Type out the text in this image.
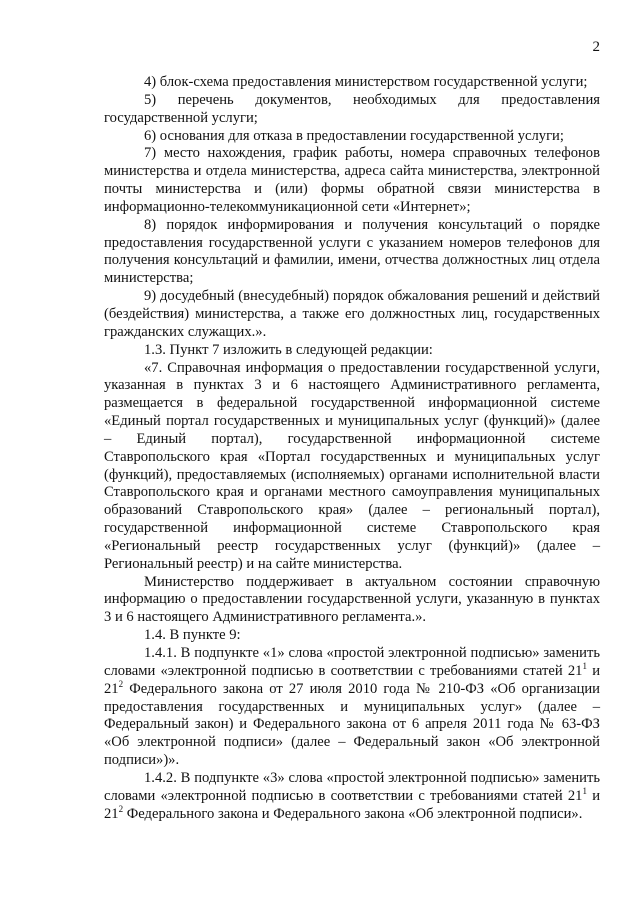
2

4) блок-схема предоставления министерством государственной услуги;

5) перечень документов, необходимых для предоставления государственной услуги;

6) основания для отказа в предоставлении государственной услуги;

7) место нахождения, график работы, номера справочных телефонов министерства и отдела министерства, адреса сайта министерства, электронной почты министерства и (или) формы обратной связи министерства в информационно-телекоммуникационной сети «Интернет»;

8) порядок информирования и получения консультаций о порядке предоставления государственной услуги с указанием номеров телефонов для получения консультаций и фамилии, имени, отчества должностных лиц отдела министерства;

9) досудебный (внесудебный) порядок обжалования решений и действий (бездействия) министерства, а также его должностных лиц, государственных гражданских служащих.».

1.3. Пункт 7 изложить в следующей редакции:

«7. Справочная информация о предоставлении государственной услуги, указанная в пунктах 3 и 6 настоящего Административного регламента, размещается в федеральной государственной информационной системе «Единый портал государственных и муниципальных услуг (функций)» (далее – Единый портал), государственной информационной системе Ставропольского края «Портал государственных и муниципальных услуг (функций), предоставляемых (исполняемых) органами исполнительной власти Ставропольского края и органами местного самоуправления муниципальных образований Ставропольского края» (далее – региональный портал), государственной информационной системе Ставропольского края «Региональный реестр государственных услуг (функций)» (далее – Региональный реестр) и на сайте министерства.

Министерство поддерживает в актуальном состоянии справочную информацию о предоставлении государственной услуги, указанную в пунктах 3 и 6 настоящего Административного регламента.».

1.4. В пункте 9:

1.4.1. В подпункте «1» слова «простой электронной подписью» заменить словами «электронной подписью в соответствии с требованиями статей $21^1$ и $21^2$ Федерального закона от 27 июля 2010 года № 210-ФЗ «Об организации предоставления государственных и муниципальных услуг» (далее – Федеральный закон) и Федерального закона от 6 апреля 2011 года № 63-ФЗ «Об электронной подписи» (далее – Федеральный закон «Об электронной подписи»)».

1.4.2. В подпункте «3» слова «простой электронной подписью» заменить словами «электронной подписью в соответствии с требованиями статей $21^1$ и $21^2$ Федерального закона и Федерального закона «Об электронной подписи».
